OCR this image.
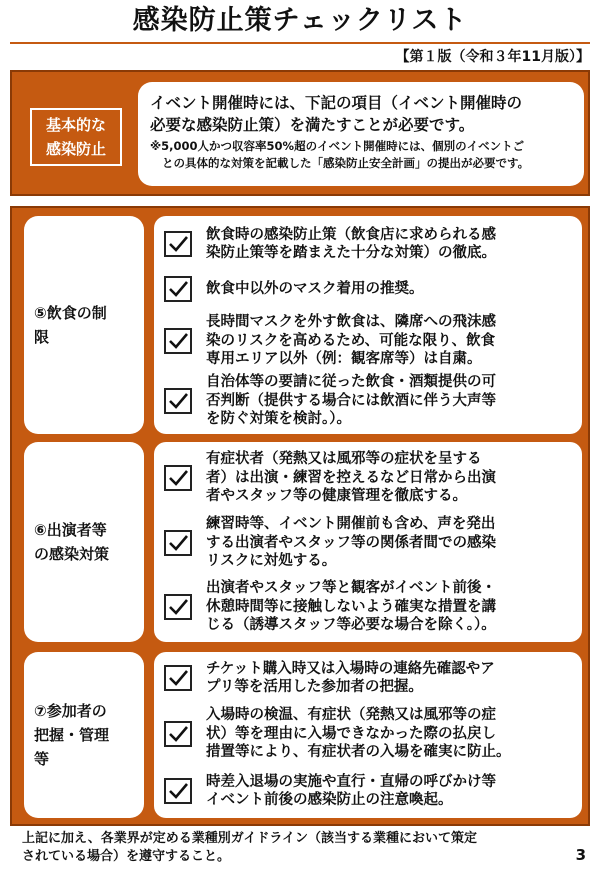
感染防止策チェックリスト
【第１版（令和３年11月版）】
基本的な
感染防止
イベント開催時には、下記の項目（イベント開催時の
必要な感染防止策）を満たすことが必要です。
※5,000人かつ収容率50%超のイベント開催時には、個別のイベントご
との具体的な対策を記載した「感染防止安全計画」の提出が必要です。
⑤飲食の制
限
飲食時の感染防止策（飲食店に求められる感
染防止策等を踏まえた十分な対策）の徹底。
飲食中以外のマスク着用の推奨。
長時間マスクを外す飲食は、隣席への飛沫感
染のリスクを高めるため、可能な限り、飲食
専用エリア以外（例：観客席等）は自粛。
自治体等の要請に従った飲食・酒類提供の可
否判断（提供する場合には飲酒に伴う大声等
を防ぐ対策を検討。）。
⑥出演者等
の感染対策
有症状者（発熱又は風邪等の症状を呈する
者）は出演・練習を控えるなど日常から出演
者やスタッフ等の健康管理を徹底する。
練習時等、イベント開催前も含め、声を発出
する出演者やスタッフ等の関係者間での感染
リスクに対処する。
出演者やスタッフ等と観客がイベント前後・
休憩時間等に接触しないよう確実な措置を講
じる（誘導スタッフ等必要な場合を除く。）。
⑦参加者の
把握・管理
等
チケット購入時又は入場時の連絡先確認やア
プリ等を活用した参加者の把握。
入場時の検温、有症状（発熱又は風邪等の症
状）等を理由に入場できなかった際の払戻し
措置等により、有症状者の入場を確実に防止。
時差入退場の実施や直行・直帰の呼びかけ等
イベント前後の感染防止の注意喚起。
上記に加え、各業界が定める業種別ガイドライン（該当する業種において策定
されている場合）を遵守すること。	3
